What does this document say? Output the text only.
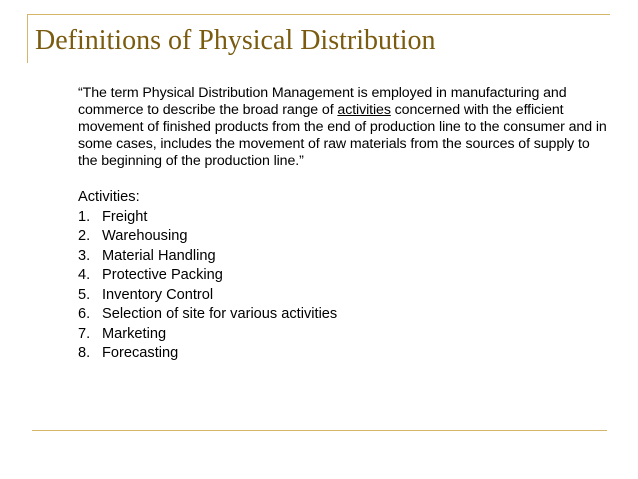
Definitions of Physical Distribution

“The term Physical Distribution Management is employed in manufacturing and commerce to describe the broad range of activities concerned with the efficient movement of finished products from the end of production line to the consumer and in some cases, includes the movement of raw materials from the sources of supply to the beginning of the production line.”

Activities:

1. Freight
2. Warehousing
3. Material Handling
4. Protective Packing
5. Inventory Control
6. Selection of site for various activities
7. Marketing
8. Forecasting
